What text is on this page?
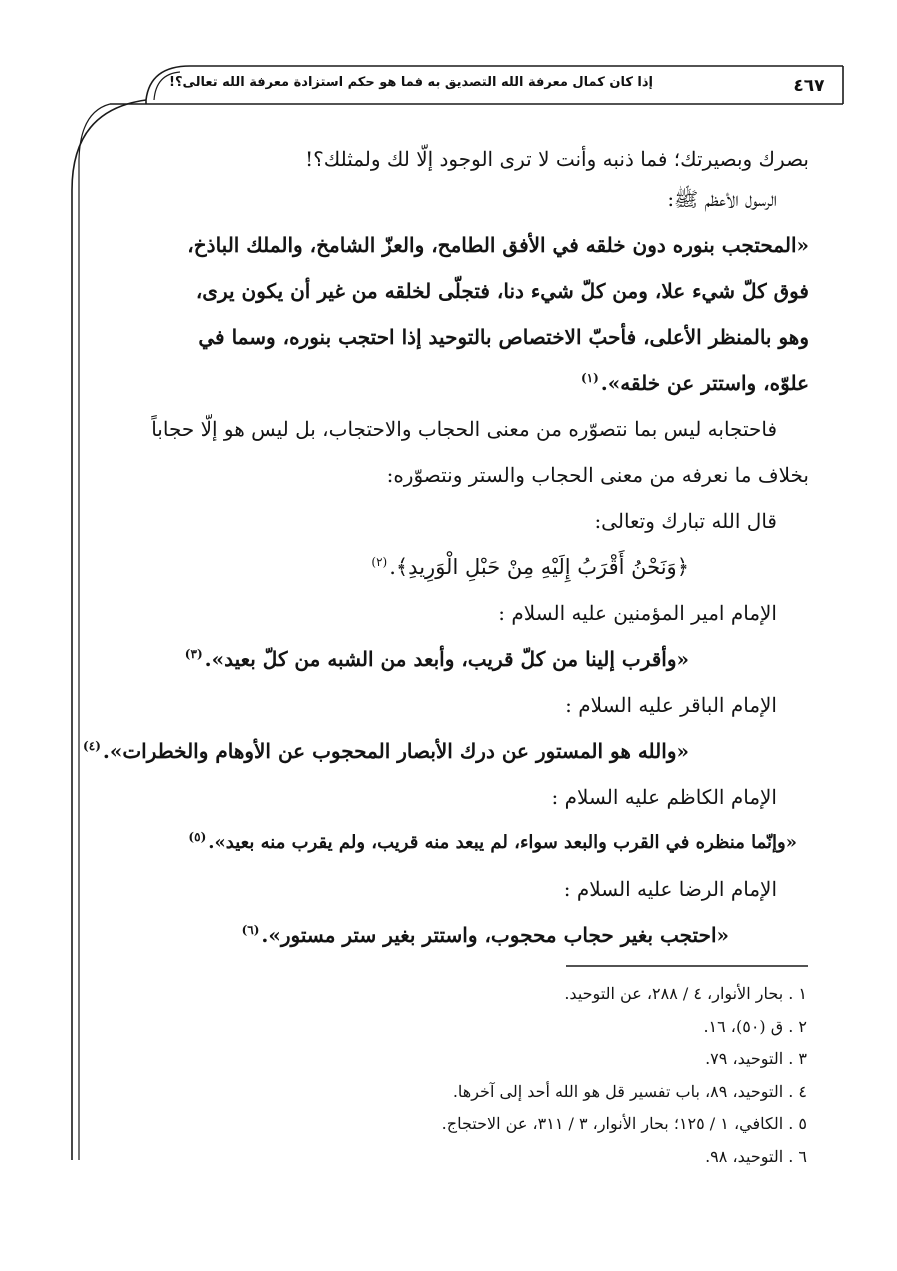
إذا كان كمال معرفة الله التصديق به فما هو حكم استزادة معرفة الله تعالى؟!	٤٦٧

بصرك وبصيرتك؛ فما ذنبه وأنت لا ترى الوجود إلّا لك ولمثلك؟!

الرسول الأعظم ﷺ:

«المحتجب بنوره دون خلقه في الأفق الطامح، والعزّ الشامخ، والملك الباذخ،

فوق كلّ شيء علا، ومن كلّ شيء دنا، فتجلّى لخلقه من غير أن يكون يرى،

وهو بالمنظر الأعلى، فأحبّ الاختصاص بالتوحيد إذا احتجب بنوره، وسما في

علوّه، واستتر عن خلقه».$^{(١)}$

فاحتجابه ليس بما نتصوّره من معنى الحجاب والاحتجاب، بل ليس هو إلّا حجاباً

بخلاف ما نعرفه من معنى الحجاب والستر ونتصوّره:

قال الله تبارك وتعالى:

﴿وَنَحْنُ أَقْرَبُ إِلَيْهِ مِنْ حَبْلِ الْوَرِيدِ﴾.$^{(٢)}$

الإمام امير المؤمنين عليه السلام :

«وأقرب إلينا من كلّ قريب، وأبعد من الشبه من كلّ بعيد».$^{(٣)}$

الإمام الباقر عليه السلام :

«والله هو المستور عن درك الأبصار المحجوب عن الأوهام والخطرات».$^{(٤)}$

الإمام الكاظم عليه السلام :

«وإنّما منظره في القرب والبعد سواء، لم يبعد منه قريب، ولم يقرب منه بعيد».$^{(٥)}$

الإمام الرضا عليه السلام :

«احتجب بغير حجاب محجوب، واستتر بغير ستر مستور».$^{(٦)}$

١ . بحار الأنوار، ٤ / ٢٨٨، عن التوحيد.

٢ . ق (٥٠)، ١٦.

٣ . التوحيد، ٧٩.

٤ . التوحيد، ٨٩، باب تفسير قل هو الله أحد إلى آخرها.

٥ . الكافي، ١ / ١٢٥؛ بحار الأنوار، ٣ / ٣١١، عن الاحتجاج.

٦ . التوحيد، ٩٨.
